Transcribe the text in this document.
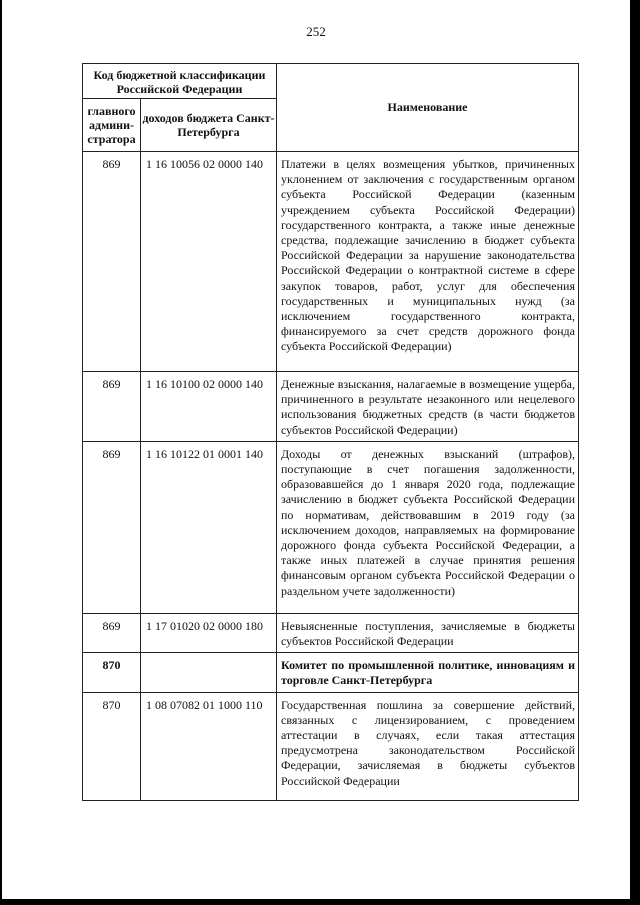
252
Код бюджетной классификации Российской Федерации		Наименование
главного админи-стратора	доходов бюджета Санкт-Петербурга	
869	1 16 10056 02 0000 140	Платежи в целях возмещения убытков, причиненных уклонением от заключения с государственным органом субъекта Российской Федерации (казенным учреждением субъекта Российской Федерации) государственного контракта, а также иные денежные средства, подлежащие зачислению в бюджет субъекта Российской Федерации за нарушение законодательства Российской Федерации о контрактной системе в сфере закупок товаров, работ, услуг для обеспечения государственных и муниципальных нужд (за исключением государственного контракта, финансируемого за счет средств дорожного фонда субъекта Российской Федерации)
869	1 16 10100 02 0000 140	Денежные взыскания, налагаемые в возмещение ущерба, причиненного в результате незаконного или нецелевого использования бюджетных средств (в части бюджетов субъектов Российской Федерации)
869	1 16 10122 01 0001 140	Доходы от денежных взысканий (штрафов), поступающие в счет погашения задолженности, образовавшейся до 1 января 2020 года, подлежащие зачислению в бюджет субъекта Российской Федерации по нормативам, действовавшим в 2019 году (за исключением доходов, направляемых на формирование дорожного фонда субъекта Российской Федерации, а также иных платежей в случае принятия решения финансовым органом субъекта Российской Федерации о раздельном учете задолженности)
869	1 17 01020 02 0000 180	Невыясненные поступления, зачисляемые в бюджеты субъектов Российской Федерации
870		Комитет по промышленной политике, инновациям и торговле Санкт-Петербурга
870	1 08 07082 01 1000 110	Государственная пошлина за совершение действий, связанных с лицензированием, с проведением аттестации в случаях, если такая аттестация предусмотрена законодательством Российской Федерации, зачисляемая в бюджеты субъектов Российской Федерации
